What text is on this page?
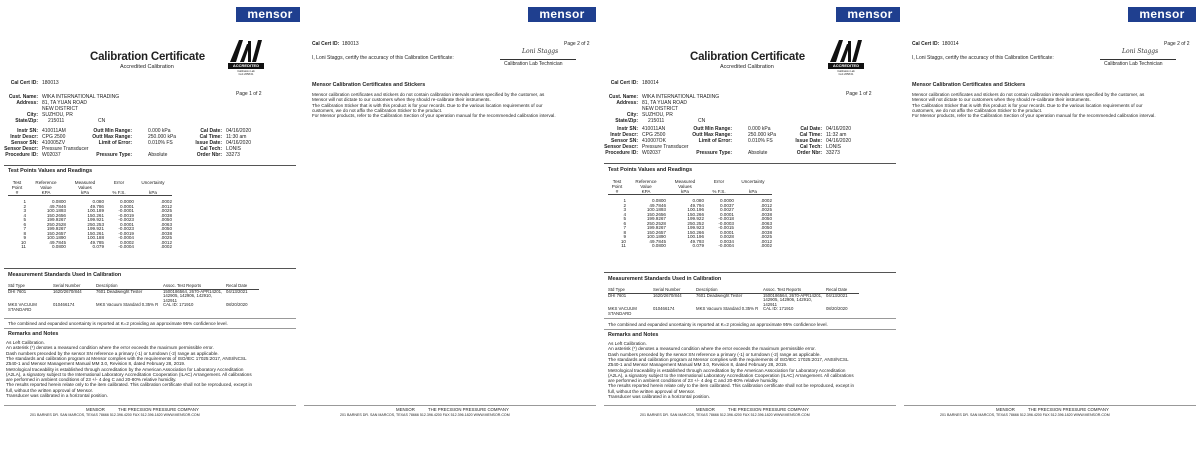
mensor
Calibration Certificate
Accredited Calibration	ACCREDITED
Calibration Lab
Cert 2058.01
Cal Cert ID: 180013
Page 1 of 2
Cust. Name: WIKA INTERNATIONAL TRADING
Address: 81, TA YUAN ROAD
NEW DISTRICT
City: SUZHOU, PR
State/Zip: 215011	CN
Test Points Values and Readings
Test	Reference	Measured	Error	Uncertainty
Point	Value	Values		
#	KPA	kPa	% F.S.	kPa
1	0.0800	0.080	0.0000	.0002
2	49.7846	49.786	0.0001	.0012
3	100.1893	100.189	-0.0001	.0025
4	150.2656	150.261	-0.0019	.0038
5	199.9267	199.921	-0.0023	.0050
6	250.2528	250.253	0.0001	.0063
7	199.9267	199.921	-0.0023	.0050
8	150.2657	150.261	-0.0019	.0038
9	100.1890	100.188	-0.0004	.0025
10	49.7845	49.785	0.0002	.0012
11	0.0800	0.079	-0.0004	.0002
Measurement Standards Used in Calibration
Std Type	Serial Number	Description	Assoc. Test Reports	Recal Date
DHI 7601	1620/2670/844	7601 Deadweight Tester	1500186564, 2670-APR14201, 142905, 142906, 142910, 142911	04/13/2021
MKS VACUUM STANDARD	010466174	MKS Vacuum Standard 0.35% R	CAL ID: 171910	08/20/2020
The combined and expanded uncertainty is reported at K=2 providing an approximate 95% confidence level.
Remarks and Notes
MENSOR	THE PRECISION PRESSURE COMPANY
201 BARNES DR. SAN MARCOS, TEXAS 78666 512.396.4200 FAX 512.396.1820 WWW.MENSOR.COM
Instr SN: 410011AM
Instr Descr: CPG 2500
Sensor SN: 410005ZV
Sensor Descr: Pressure Transducer
Procedure ID: W02037
Outt Min Range:	0.000 kPa
Outt Max Range:	250.000 kPa
Limit of Error:	0.010% FS
Pressure Type:	Absolute
Cal Date: 04/16/2020
Cal Time: 11:30 am
Issue Date: 04/16/2020
Cal Tech: LONIS
Order Nbr: 33273
As Left Calibration.
An asterisk (*) denotes a measured condition where the error exceeds the maximum permissible error.
Dash numbers preceded by the sensor SN reference a primary (-1) or turndown (-2) range as applicable.
The standards and calibration program at Mensor complies with the requirements of ISO/IEC 17025:2017, ANSI/NCSL
Z540-1 and Mensor Management Manual MM 3.0, Revision 8, dated February 28, 2019.
Metrological traceability is established through accreditation by the American Association for Laboratory Accreditation
(A2LA), a signatory subject to the International Laboratory Accreditation Cooperation (ILAC) Arrangement. All calibrations
are performed in ambient conditions of 23 +/- 4 deg C and 20-80% relative humidity.
The results reported herein relate only to the item calibrated. This calibration certificate shall not be reproduced, except in
full, without the written approval of Mensor.
Transducer was calibrated in a horizontal position.
mensor
Cal Cert ID: 180013	Page 2 of 2
Loni Staggs
I, Loni Staggs, certify the accuracy of this Calibration Certificate:
Calibration Lab Technician
Mensor Calibration Certificates and Stickers
MENSOR	THE PRECISION PRESSURE COMPANY
201 BARNES DR. SAN MARCOS, TEXAS 78666 512.396.4200 FAX 512.396.1820 WWW.MENSOR.COM
Mensor calibration certificates and stickers do not contain calibration intervals unless specified by the customer, as
Mensor will not dictate to our customers when they should re-calibrate their instruments.
The Calibration Sticker that is with this product is for your records. Due to the various location requirements of our
customers, we do not affix the Calibration Sticker to the product.
For Mensor products, refer to the Calibration Section of your operation manual for the recommended calibration interval.
mensor
Calibration Certificate
Accredited Calibration	ACCREDITED
Calibration Lab
Cert 2058.01
Cal Cert ID: 180014
Page 1 of 2
Cust. Name: WIKA INTERNATIONAL TRADING
Address: 81, TA YUAN ROAD
NEW DISTRICT
City: SUZHOU, PR
State/Zip: 215011	CN
Test Points Values and Readings
Test	Reference	Measured	Error	Uncertainty
Point	Value	Values		
#	KPA	kPa	% F.S.	kPa
1	0.0800	0.080	0.0000	.0002
2	49.7846	49.794	0.0037	.0012
3	100.1893	100.196	0.0027	.0025
4	150.2656	150.266	0.0001	.0038
5	199.9267	199.922	-0.0018	.0050
6	250.2528	250.252	-0.0003	.0063
7	199.9267	199.923	-0.0015	.0050
8	150.2657	150.266	0.0001	.0038
9	100.1890	100.196	0.0028	.0025
10	49.7845	49.793	0.0034	.0012
11	0.0800	0.079	-0.0004	.0002
Measurement Standards Used in Calibration
Std Type	Serial Number	Description	Assoc. Test Reports	Recal Date
DHI 7601	1620/2670/844	7601 Deadweight Tester	1500186564, 2670-APR14201, 142905, 142906, 142910, 142911	04/13/2021
MKS VACUUM STANDARD	010466174	MKS Vacuum Standard 0.35% R	CAL ID: 171910	08/20/2020
The combined and expanded uncertainty is reported at K=2 providing an approximate 95% confidence level.
Remarks and Notes
MENSOR	THE PRECISION PRESSURE COMPANY
201 BARNES DR. SAN MARCOS, TEXAS 78666 512.396.4200 FAX 512.396.1820 WWW.MENSOR.COM
Instr SN: 410011AN
Instr Descr: CPG 2500
Sensor SN: 410007OK
Sensor Descr: Pressure Transducer
Procedure ID: W02037
Outt Min Range:	0.000 kPa
Outt Max Range:	250.000 kPa
Limit of Error:	0.010% FS
Pressure Type:	Absolute
Cal Date: 04/16/2020
Cal Time: 11:32 am
Issue Date: 04/16/2020
Cal Tech: LONIS
Order Nbr: 33273
As Left Calibration.
An asterisk (*) denotes a measured condition where the error exceeds the maximum permissible error.
Dash numbers preceded by the sensor SN reference a primary (-1) or turndown (-2) range as applicable.
The standards and calibration program at Mensor complies with the requirements of ISO/IEC 17025:2017, ANSI/NCSL
Z540-1 and Mensor Management Manual MM 3.0, Revision 8, dated February 28, 2019.
Metrological traceability is established through accreditation by the American Association for Laboratory Accreditation
(A2LA), a signatory subject to the International Laboratory Accreditation Cooperation (ILAC) Arrangement. All calibrations
are performed in ambient conditions of 23 +/- 4 deg C and 20-80% relative humidity.
The results reported herein relate only to the item calibrated. This calibration certificate shall not be reproduced, except in
full, without the written approval of Mensor.
Transducer was calibrated in a horizontal position.
mensor
Cal Cert ID: 180014	Page 2 of 2
Loni Staggs
I, Loni Staggs, certify the accuracy of this Calibration Certificate:
Calibration Lab Technician
Mensor Calibration Certificates and Stickers
MENSOR	THE PRECISION PRESSURE COMPANY
201 BARNES DR. SAN MARCOS, TEXAS 78666 512.396.4200 FAX 512.396.1820 WWW.MENSOR.COM
Mensor calibration certificates and stickers do not contain calibration intervals unless specified by the customer, as
Mensor will not dictate to our customers when they should re-calibrate their instruments.
The Calibration Sticker that is with this product is for your records. Due to the various location requirements of our
customers, we do not affix the Calibration Sticker to the product.
For Mensor products, refer to the Calibration Section of your operation manual for the recommended calibration interval.
